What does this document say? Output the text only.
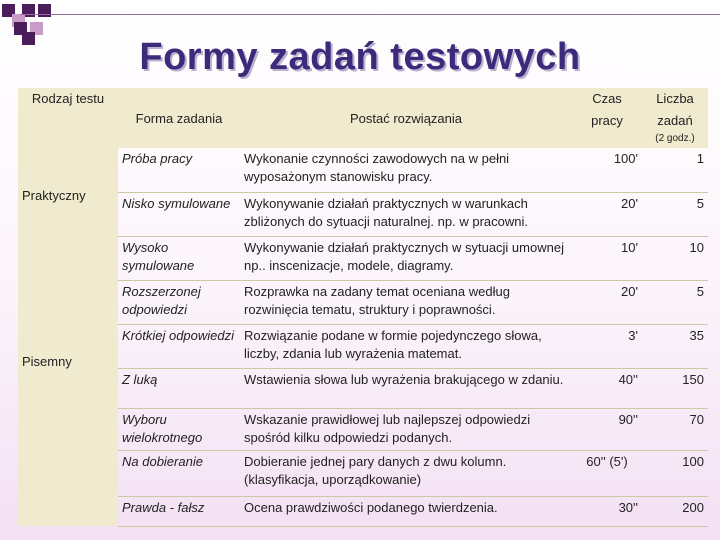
Formy zadań testowych
Rodzaj testu	Forma zadania	Postać rozwiązania	Czas pracy	Liczba zadań
(2 godz.)

Praktyczny	Próba pracy	Wykonanie czynności zawodowych na w pełni wyposażonym stanowisku pracy.	100'	1
	Nisko symulowane	Wykonywanie działań praktycznych w warunkach zbliżonych do sytuacji naturalnej. np. w pracowni.	20'	5
	Wysoko symulowane	Wykonywanie działań praktycznych w sytuacji umownej np.. inscenizacje, modele, diagramy.	10'	10
Pisemny	Rozszerzonej odpowiedzi	Rozprawka na zadany temat oceniana według rozwinięcia tematu, struktury i poprawności.	20'	5
	Krótkiej odpowiedzi	Rozwiązanie podane w formie pojedynczego słowa, liczby, zdania lub wyrażenia matemat.	3'	35
	Z luką	Wstawienia słowa lub wyrażenia brakującego w zdaniu.	40''	150
	Wyboru wielokrotnego	Wskazanie prawidłowej lub najlepszej odpowiedzi spośród kilku odpowiedzi podanych.	90''	70
	Na dobieranie	Dobieranie jednej pary danych z dwu kolumn. (klasyfikacja, uporządkowanie)	60'' (5')	100
	Prawda - fałsz	Ocena prawdziwości podanego twierdzenia.	30''	200
